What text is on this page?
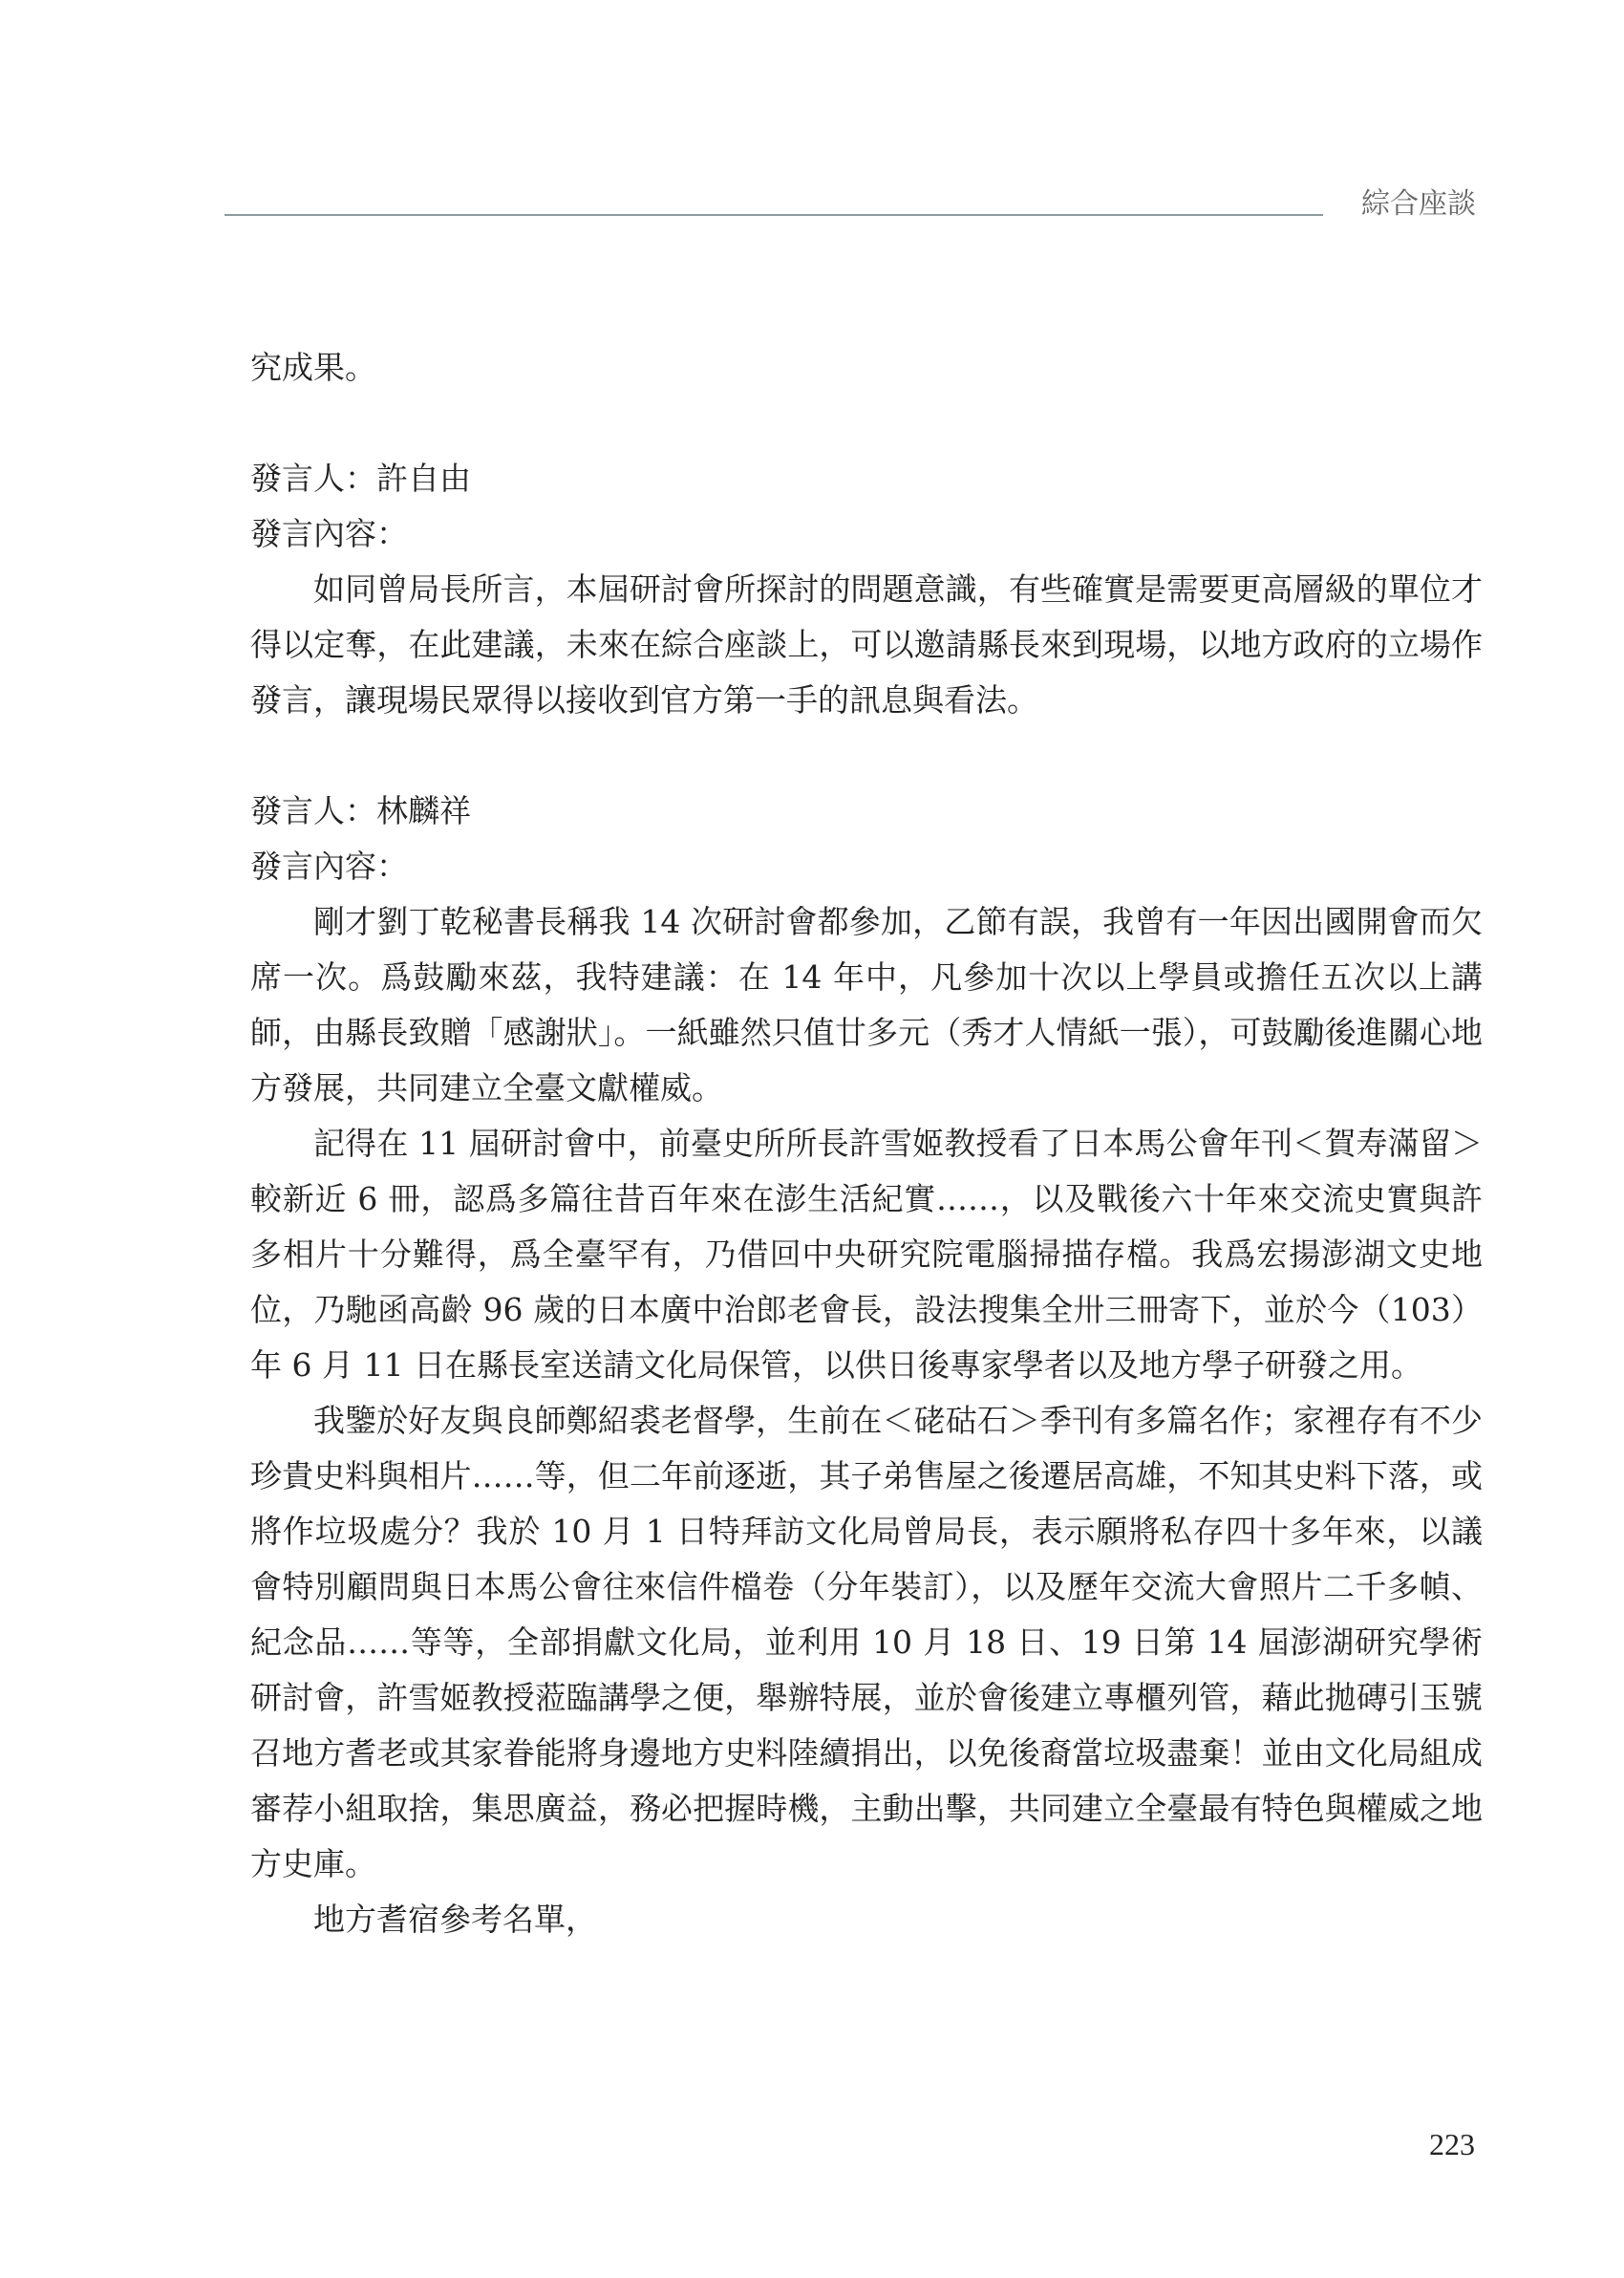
綜合座談

究成果。

發言人：許自由

發言內容：

如同曾局長所言，本屆研討會所探討的問題意識，有些確實是需要更高層級的單位才得以定奪，在此建議，未來在綜合座談上，可以邀請縣長來到現場，以地方政府的立場作發言，讓現場民眾得以接收到官方第一手的訊息與看法。

發言人：林麟祥

發言內容：

剛才劉丁乾秘書長稱我 14 次研討會都參加，乙節有誤，我曾有一年因出國開會而欠席一次。爲鼓勵來茲，我特建議：在 14 年中，凡參加十次以上學員或擔任五次以上講師，由縣長致贈「感謝狀」。一紙雖然只值廿多元（秀才人情紙一張），可鼓勵後進關心地方發展，共同建立全臺文獻權威。

記得在 11 屆研討會中，前臺史所所長許雪姬教授看了日本馬公會年刊＜賀寿滿留＞較新近 6 冊，認爲多篇往昔百年來在澎生活紀實……，以及戰後六十年來交流史實與許多相片十分難得，爲全臺罕有，乃借回中央研究院電腦掃描存檔。我爲宏揚澎湖文史地位，乃馳函高齡 96 歲的日本廣中治郎老會長，設法搜集全卅三冊寄下，並於今（103）年 6 月 11 日在縣長室送請文化局保管，以供日後專家學者以及地方學子研發之用。

我鑒於好友與良師鄭紹裘老督學，生前在＜硓𥑮石＞季刊有多篇名作；家裡存有不少珍貴史料與相片……等，但二年前逐逝，其子弟售屋之後遷居高雄，不知其史料下落，或將作垃圾處分？我於 10 月 1 日特拜訪文化局曾局長，表示願將私存四十多年來，以議會特別顧問與日本馬公會往來信件檔卷（分年裝訂），以及歷年交流大會照片二千多幀、紀念品……等等，全部捐獻文化局，並利用 10 月 18 日、19 日第 14 屆澎湖研究學術研討會，許雪姬教授蒞臨講學之便，舉辦特展，並於會後建立專櫃列管，藉此拋磚引玉號召地方耆老或其家眷能將身邊地方史料陸續捐出，以免後裔當垃圾盡棄！並由文化局組成審荐小組取捨，集思廣益，務必把握時機，主動出擊，共同建立全臺最有特色與權威之地方史庫。

地方耆宿參考名單，

223
